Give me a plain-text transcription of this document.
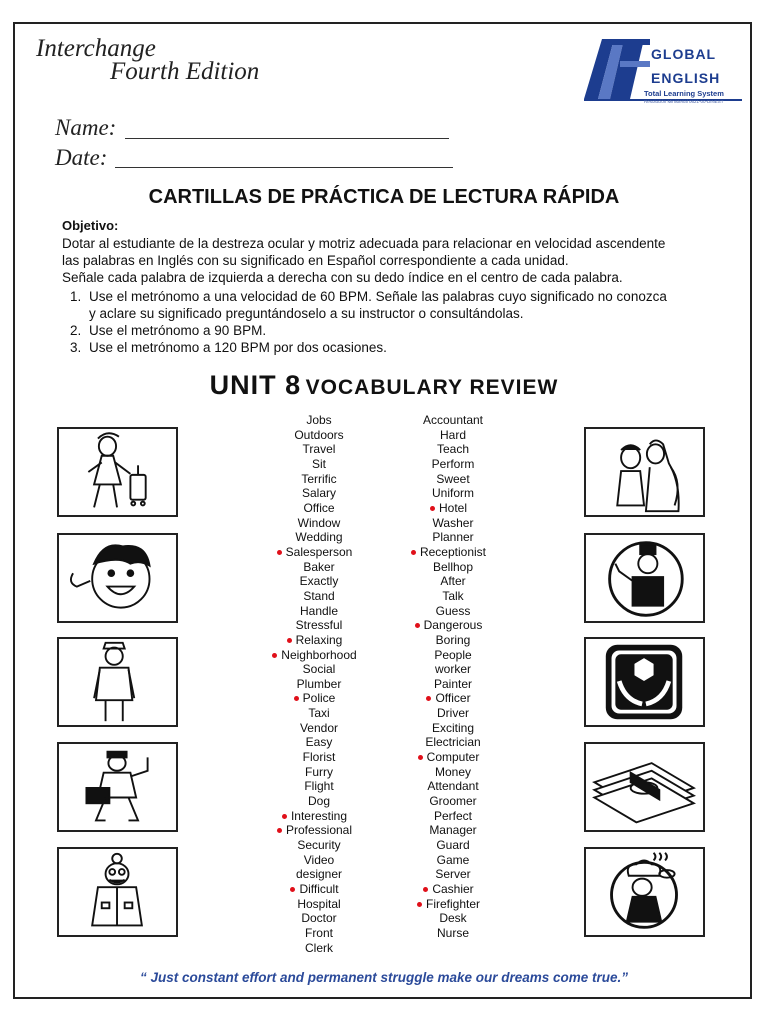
Interchange
Fourth Edition
Name:
Date:
GLOBAL
ENGLISH
Total Learning System
Resolución Ministerial 0621-00-DINEST
CARTILLAS DE PRÁCTICA DE LECTURA RÁPIDA
Objetivo:
Dotar al estudiante de la destreza ocular y motriz adecuada para relacionar en velocidad ascendente
las palabras en Inglés con su significado en Español correspondiente a cada unidad.
Señale cada palabra de izquierda a derecha con su dedo índice en el centro de cada palabra.
1. Use el metrónomo a una velocidad de 60 BPM. Señale las palabras cuyo significado no conozca
y aclare su significado preguntándoselo a su instructor o consultándolas.
2. Use el metrónomo a 90 BPM.
3. Use el metrónomo a 120 BPM por dos ocasiones.
UNIT 8 VOCABULARY REVIEW
Jobs
Outdoors
Travel
Sit
Terrific
Salary
Office
Window
Wedding
Salesperson
Baker
Exactly
Stand
Handle
Stressful
Relaxing
Neighborhood
Social
Plumber
Police
Taxi
Vendor
Easy
Florist
Furry
Flight
Dog
Interesting
Professional
Security
Video
designer
Difficult
Hospital
Doctor
Front
Clerk
Accountant
Hard
Teach
Perform
Sweet
Uniform
Hotel
Washer
Planner
Receptionist
Bellhop
After
Talk
Guess
Dangerous
Boring
People
worker
Painter
Officer
Driver
Exciting
Electrician
Computer
Money
Attendant
Groomer
Perfect
Manager
Guard
Game
Server
Cashier
Firefighter
Desk
Nurse
“ Just constant effort and permanent struggle make our dreams come true.”
